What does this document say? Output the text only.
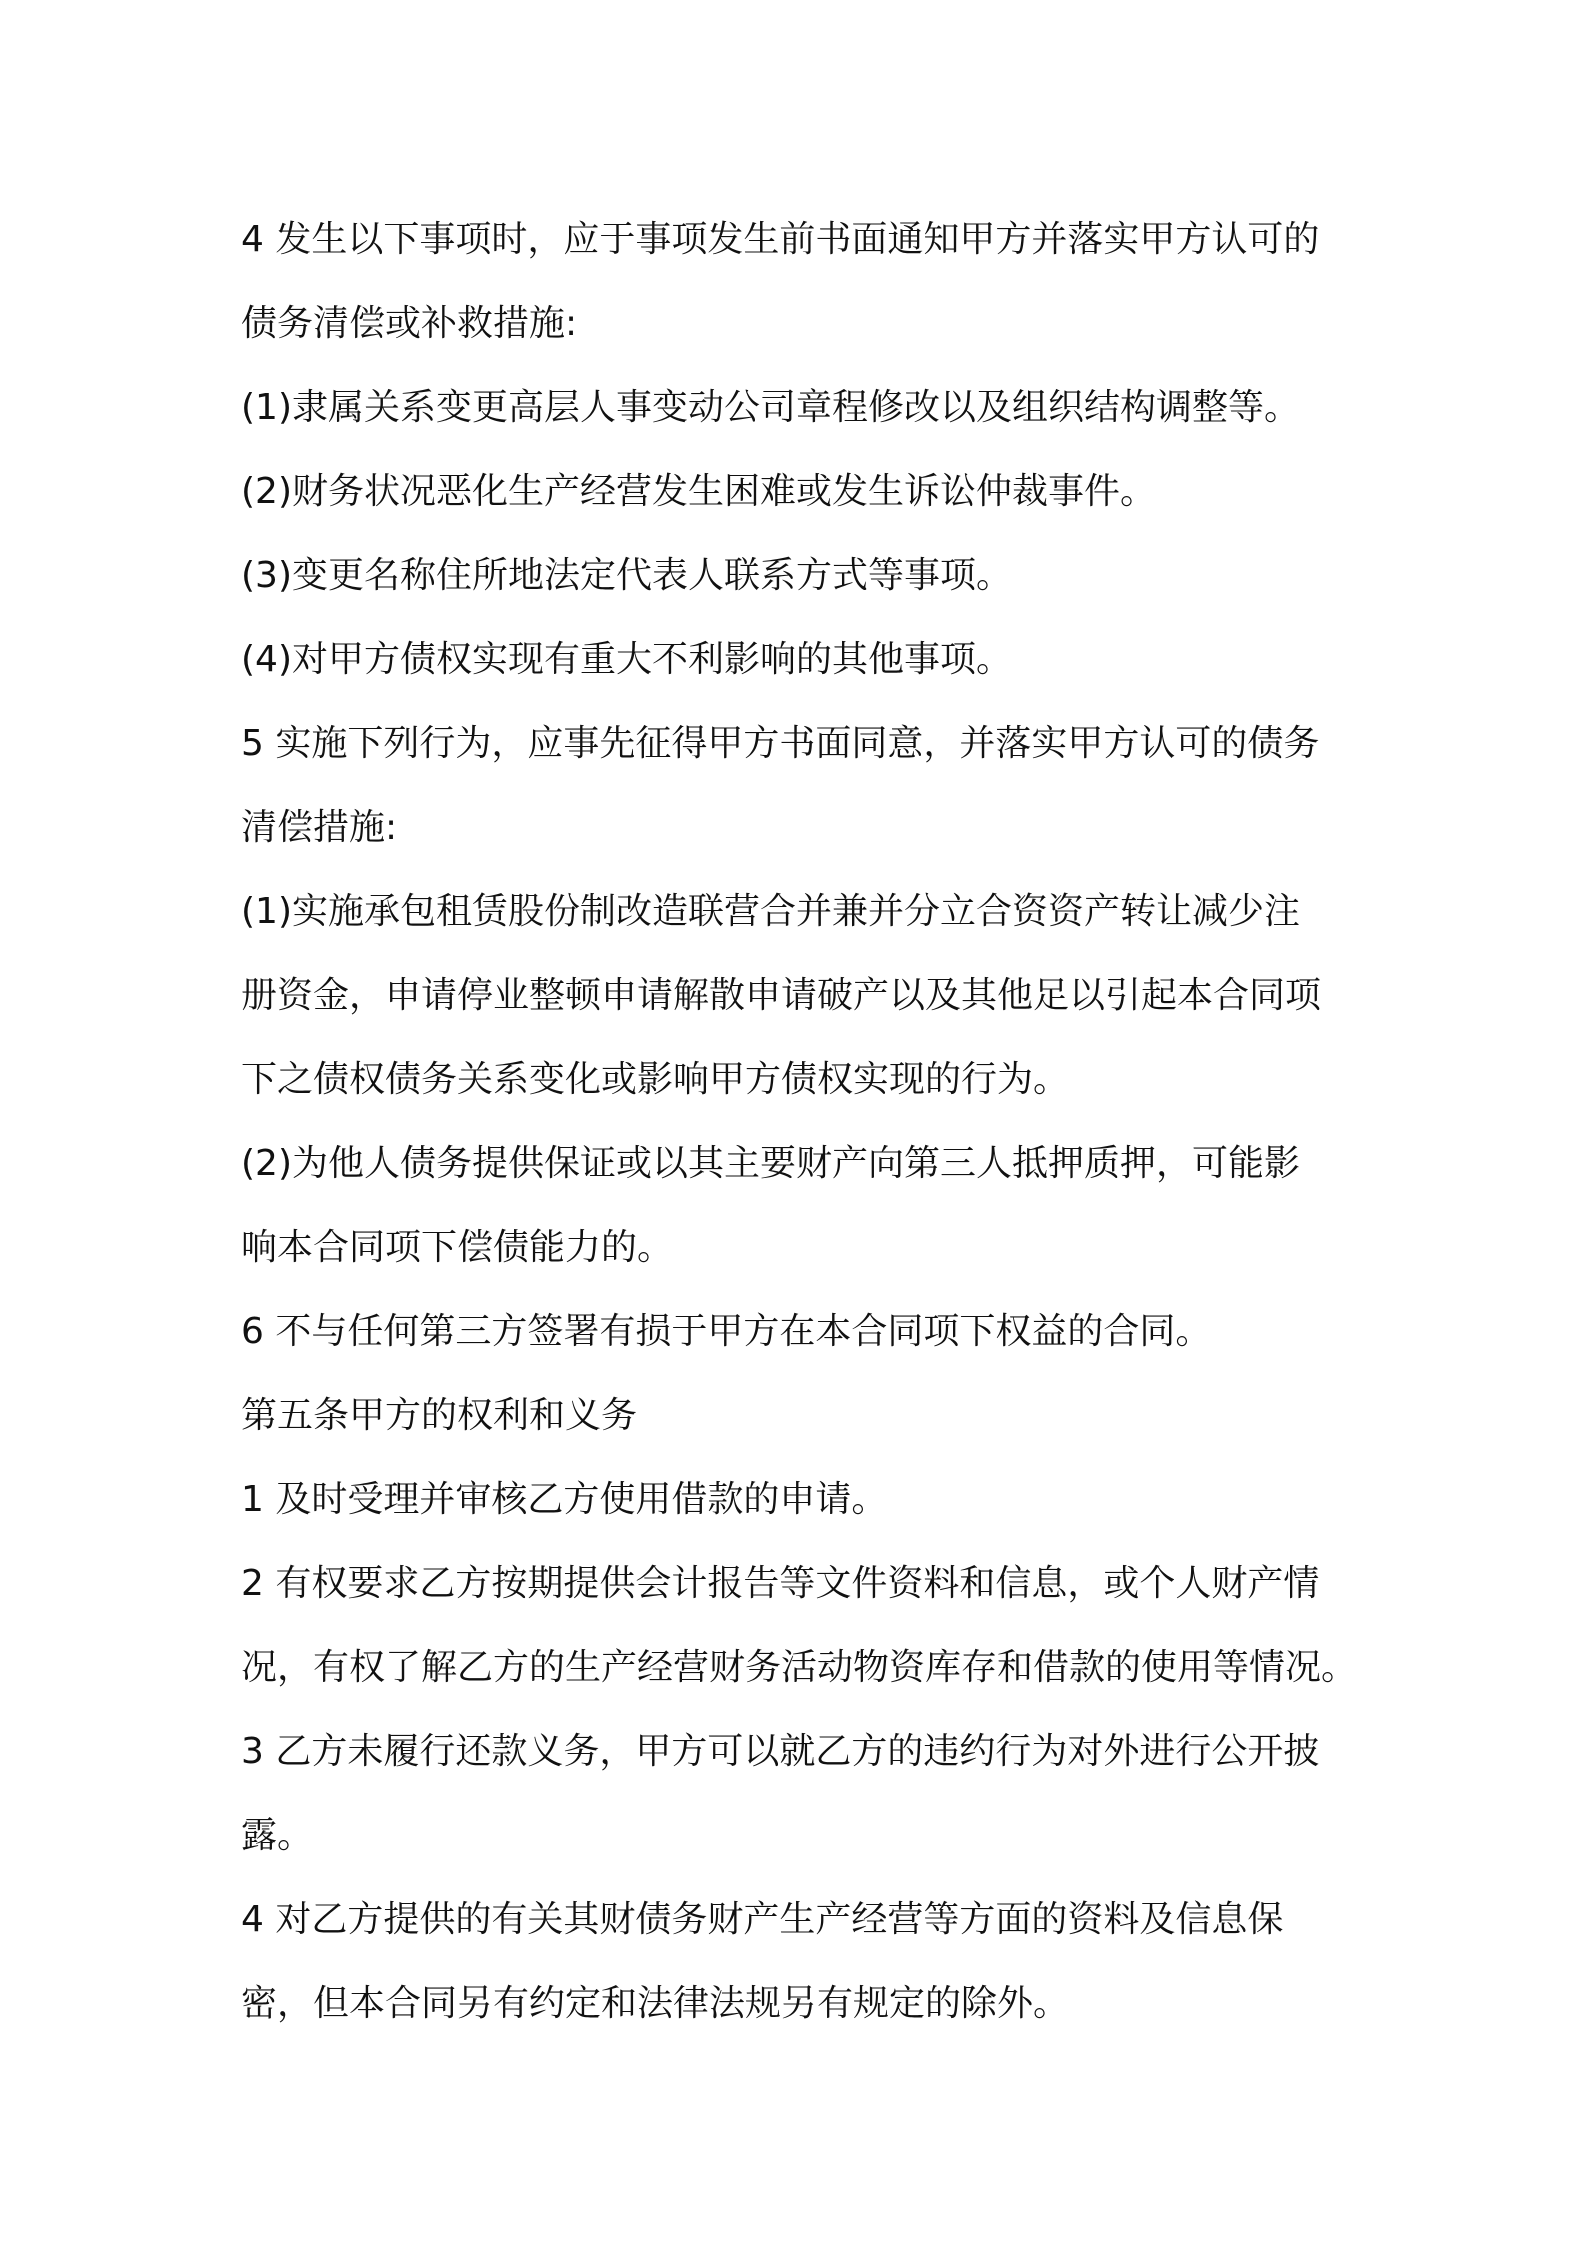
4 发生以下事项时，应于事项发生前书面通知甲方并落实甲方认可的
债务清偿或补救措施:
(1)隶属关系变更高层人事变动公司章程修改以及组织结构调整等。
(2)财务状况恶化生产经营发生困难或发生诉讼仲裁事件。
(3)变更名称住所地法定代表人联系方式等事项。
(4)对甲方债权实现有重大不利影响的其他事项。
5 实施下列行为，应事先征得甲方书面同意，并落实甲方认可的债务
清偿措施:
(1)实施承包租赁股份制改造联营合并兼并分立合资资产转让减少注
册资金，申请停业整顿申请解散申请破产以及其他足以引起本合同项
下之债权债务关系变化或影响甲方债权实现的行为。
(2)为他人债务提供保证或以其主要财产向第三人抵押质押，可能影
响本合同项下偿债能力的。
6 不与任何第三方签署有损于甲方在本合同项下权益的合同。
第五条甲方的权利和义务
1 及时受理并审核乙方使用借款的申请。
2 有权要求乙方按期提供会计报告等文件资料和信息，或个人财产情
况，有权了解乙方的生产经营财务活动物资库存和借款的使用等情况。
3 乙方未履行还款义务，甲方可以就乙方的违约行为对外进行公开披
露。
4 对乙方提供的有关其财债务财产生产经营等方面的资料及信息保
密，但本合同另有约定和法律法规另有规定的除外。
